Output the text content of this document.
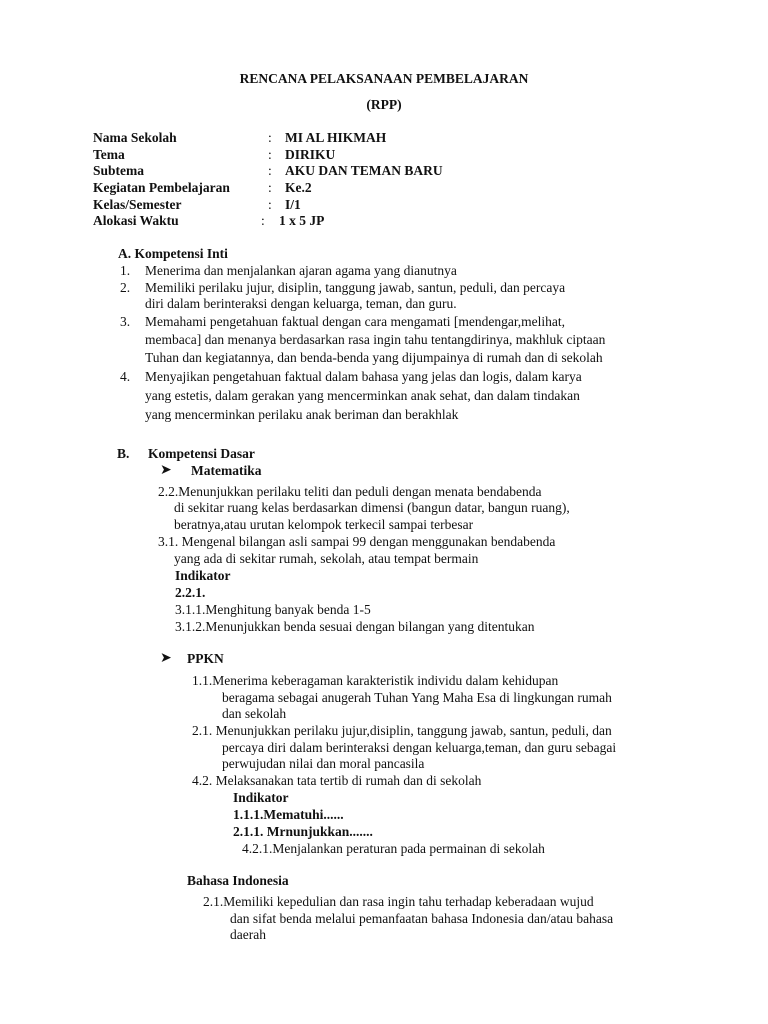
RENCANA PELAKSANAAN PEMBELAJARAN
(RPP)
Nama Sekolah	: MI AL HIKMAH
Tema	: DIRIKU
Subtema	: AKU DAN TEMAN BARU
Kegiatan Pembelajaran	: Ke.2
Kelas/Semester	: I/1
Alokasi Waktu	: 1 x 5 JP
A. Kompetensi Inti
1. Menerima dan menjalankan ajaran agama yang dianutnya
2. Memiliki perilaku jujur, disiplin, tanggung jawab, santun, peduli, dan percaya
diri dalam berinteraksi dengan keluarga, teman, dan guru.
3. Memahami pengetahuan faktual dengan cara mengamati [mendengar,melihat,
membaca] dan menanya berdasarkan rasa ingin tahu tentangdirinya, makhluk ciptaan
Tuhan dan kegiatannya, dan benda-benda yang dijumpainya di rumah dan di sekolah
4. Menyajikan pengetahuan faktual dalam bahasa yang jelas dan logis, dalam karya
yang estetis, dalam gerakan yang mencerminkan anak sehat, dan dalam tindakan
yang mencerminkan perilaku anak beriman dan berakhlak
B. Kompetensi Dasar
➤ Matematika
2.2.Menunjukkan perilaku teliti dan peduli dengan menata bendabenda
di sekitar ruang kelas berdasarkan dimensi (bangun datar, bangun ruang),
beratnya,atau urutan kelompok terkecil sampai terbesar
3.1. Mengenal bilangan asli sampai 99 dengan menggunakan bendabenda
yang ada di sekitar rumah, sekolah, atau tempat bermain
Indikator
2.2.1.
3.1.1.Menghitung banyak benda 1-5
3.1.2.Menunjukkan benda sesuai dengan bilangan yang ditentukan
➤ PPKN
1.1.Menerima keberagaman karakteristik individu dalam kehidupan
beragama sebagai anugerah Tuhan Yang Maha Esa di lingkungan rumah
dan sekolah
2.1. Menunjukkan perilaku jujur,disiplin, tanggung jawab, santun, peduli, dan
percaya diri dalam berinteraksi dengan keluarga,teman, dan guru sebagai
perwujudan nilai dan moral pancasila
4.2. Melaksanakan tata tertib di rumah dan di sekolah
Indikator
1.1.1.Mematuhi......
2.1.1. Mrnunjukkan.......
4.2.1.Menjalankan peraturan pada permainan di sekolah
Bahasa Indonesia
2.1.Memiliki kepedulian dan rasa ingin tahu terhadap keberadaan wujud
dan sifat benda melalui pemanfaatan bahasa Indonesia dan/atau bahasa
daerah
